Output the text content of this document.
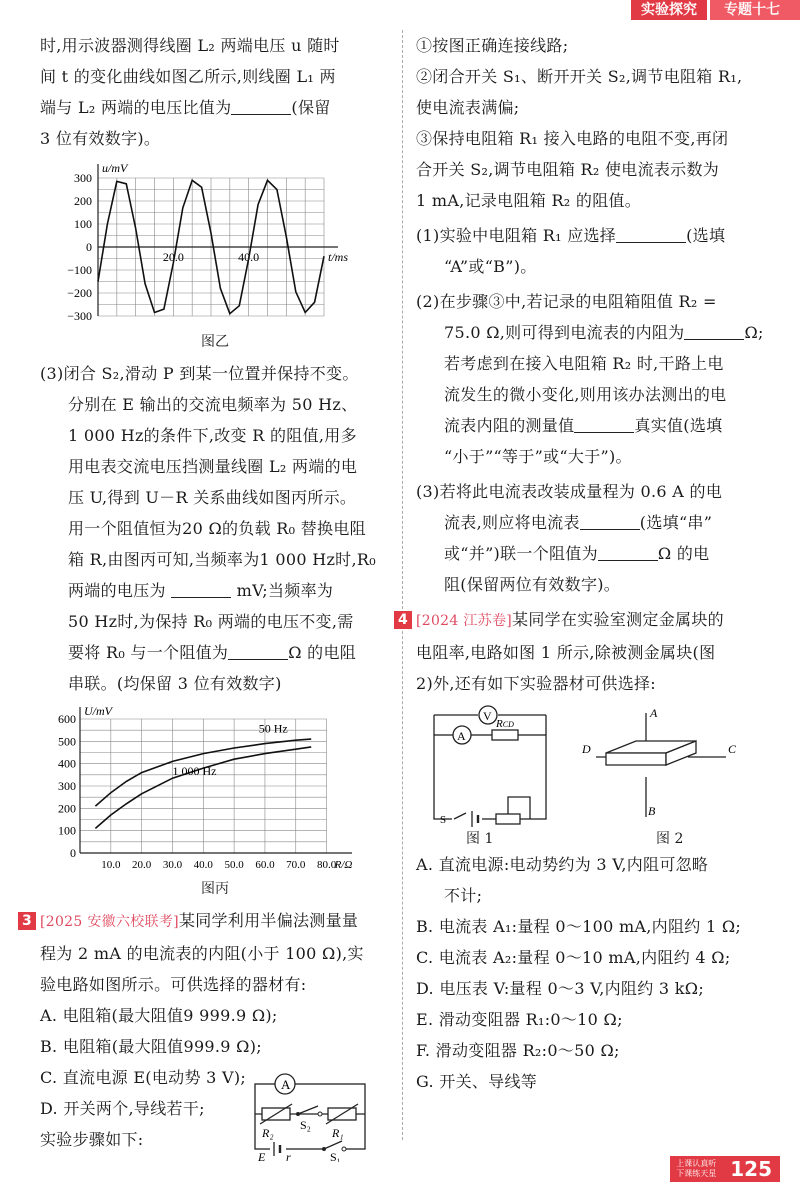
实验探究	专题十七

时,用示波器测得线圈 L₂ 两端电压 u 随时

间 t 的变化曲线如图乙所示,则线圈 L₁ 两

端与 L₂ 两端的电压比值为	(保留

3 位有效数字)。

300
200
100
0
−100
−200
−300
20.0	40.0
u/mV
t/ms
图乙

(3)闭合 S₂,滑动 P 到某一位置并保持不变。

分别在 E 输出的交流电频率为 50 Hz、

1 000 Hz的条件下,改变 R 的阻值,用多

用电表交流电压挡测量线圈 L₂ 两端的电

压 U,得到 U－R 关系曲线如图丙所示。

用一个阻值恒为20 Ω的负载 R₀ 替换电阻

箱 R,由图丙可知,当频率为1 000 Hz时,R₀

两端的电压为	mV;当频率为

50 Hz时,为保持 R₀ 两端的电压不变,需

要将 R₀ 与一个阻值为	Ω 的电阻

串联。(均保留 3 位有效数字)

600
500
400
300
200
100
0
10.0 20.0 30.0 40.0 50.0 60.0 70.0 80.0
U/mV
R/Ω
50 Hz
1 000 Hz
图丙

3 [2025 安徽六校联考]某同学利用半偏法测量量

程为 2 mA 的电流表的内阻(小于 100 Ω),实

验电路如图所示。可供选择的器材有:

A. 电阻箱(最大阻值9 999.9 Ω);

B. 电阻箱(最大阻值999.9 Ω);

C. 直流电源 E(电动势 3 V);

D. 开关两个,导线若干;

实验步骤如下:

A
R₂
S₂
R₁
E r	S₁

①按图正确连接线路;

②闭合开关 S₁、断开开关 S₂,调节电阻箱 R₁,

使电流表满偏;

③保持电阻箱 R₁ 接入电路的电阻不变,再闭

合开关 S₂,调节电阻箱 R₂ 使电流表示数为

1 mA,记录电阻箱 R₂ 的阻值。

(1)实验中电阻箱 R₁ 应选择	(选填

“A”或“B”)。

(2)在步骤③中,若记录的电阻箱阻值 R₂ =

75.0 Ω,则可得到电流表的内阻为	Ω;

若考虑到在接入电阻箱 R₂ 时,干路上电

流发生的微小变化,则用该办法测出的电

流表内阻的测量值	真实值(选填

“小于”“等于”或“大于”)。

(3)若将此电流表改装成量程为 0.6 A 的电

流表,则应将电流表	(选填“串”

或“并”)联一个阻值为	Ω 的电

阻(保留两位有效数字)。

4 [2024 江苏卷]某同学在实验室测定金属块的

电阻率,电路如图 1 所示,除被测金属块(图

2)外,还有如下实验器材可供选择:

V
A
RCD
S
图 1
A
D	C
B
图 2

A. 直流电源:电动势约为 3 V,内阻可忽略

不计;

B. 电流表 A₁:量程 0～100 mA,内阻约 1 Ω;

C. 电流表 A₂:量程 0～10 mA,内阻约 4 Ω;

D. 电压表 V:量程 0～3 V,内阻约 3 kΩ;

E. 滑动变阻器 R₁:0～10 Ω;

F. 滑动变阻器 R₂:0～50 Ω;

G. 开关、导线等

上课认真听
下课练天星 125
